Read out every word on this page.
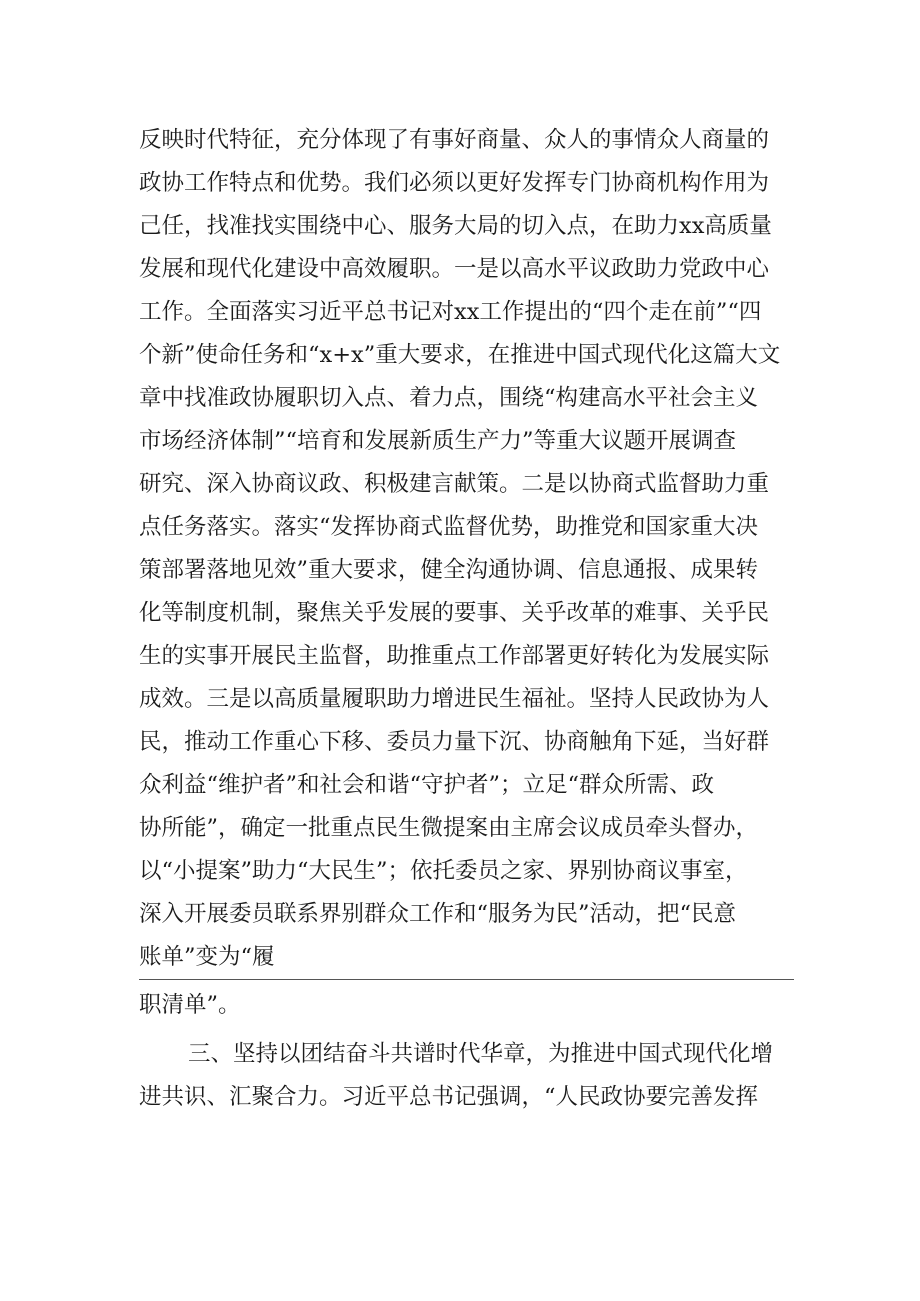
反映时代特征，充分体现了有事好商量、众人的事情众人商量的
政协工作特点和优势。我们必须以更好发挥专门协商机构作用为
己任，找准找实围绕中心、服务大局的切入点，在助力xx高质量
发展和现代化建设中高效履职。一是以高水平议政助力党政中心
工作。全面落实习近平总书记对xx工作提出的“四个走在前”“四
个新”使命任务和“x+x”重大要求，在推进中国式现代化这篇大文
章中找准政协履职切入点、着力点，围绕“构建高水平社会主义
市场经济体制”“培育和发展新质生产力”等重大议题开展调查
研究、深入协商议政、积极建言献策。二是以协商式监督助力重
点任务落实。落实“发挥协商式监督优势，助推党和国家重大决
策部署落地见效”重大要求，健全沟通协调、信息通报、成果转
化等制度机制，聚焦关乎发展的要事、关乎改革的难事、关乎民
生的实事开展民主监督，助推重点工作部署更好转化为发展实际
成效。三是以高质量履职助力增进民生福祉。坚持人民政协为人
民，推动工作重心下移、委员力量下沉、协商触角下延，当好群
众利益“维护者”和社会和谐“守护者”；立足“群众所需、政
协所能”，确定一批重点民生微提案由主席会议成员牵头督办，
以“小提案”助力“大民生”；依托委员之家、界别协商议事室，
深入开展委员联系界别群众工作和“服务为民”活动，把“民意
账单”变为“履
职清单”。
三、坚持以团结奋斗共谱时代华章，为推进中国式现代化增
进共识、汇聚合力。习近平总书记强调，“人民政协要完善发挥
